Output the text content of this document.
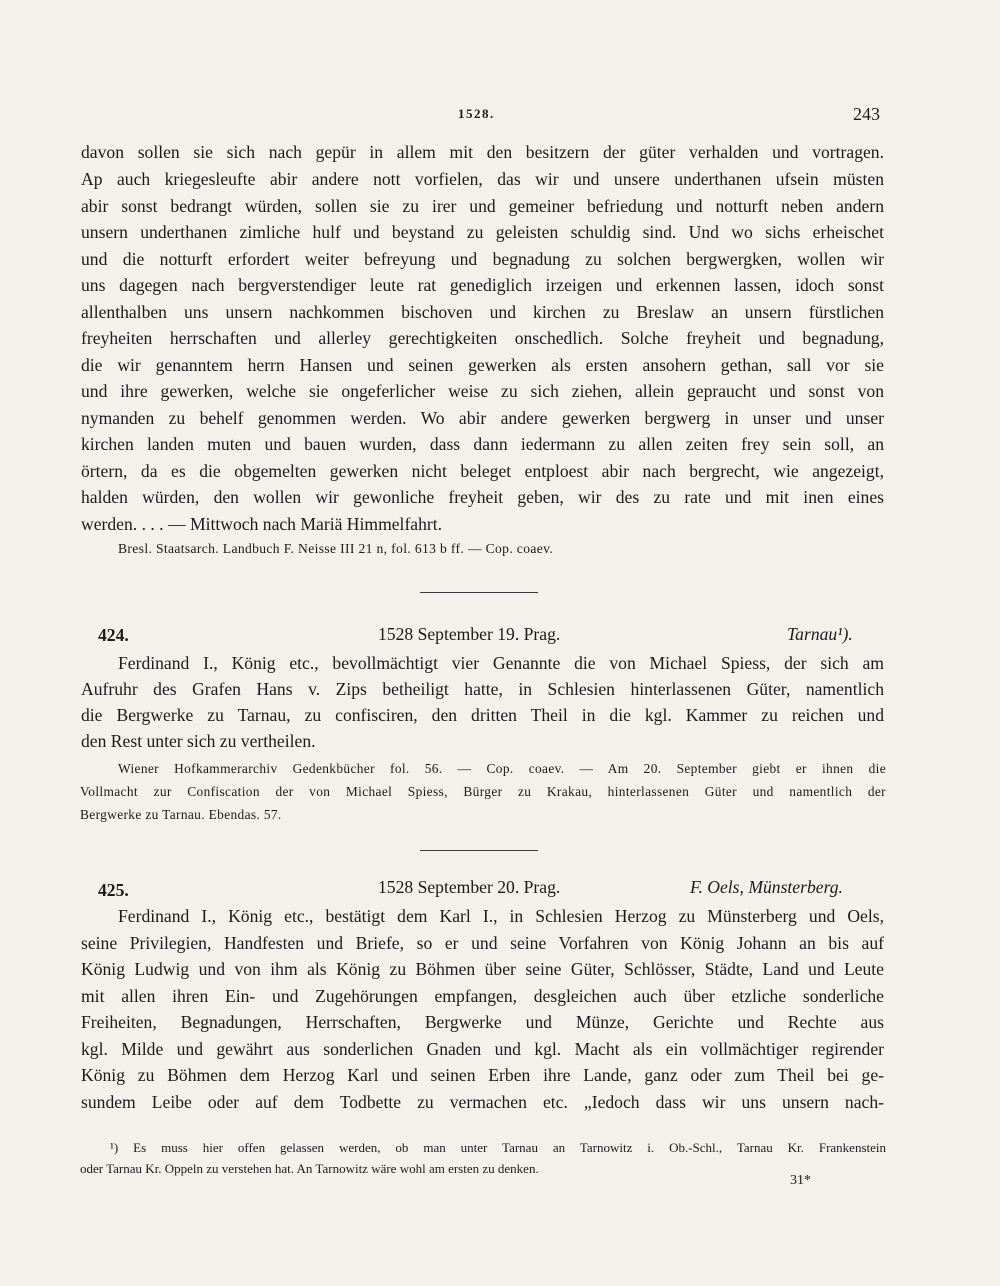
1528.	243
davon sollen sie sich nach gepür in allem mit den besitzern der güter verhalden und vortragen.
Ap auch kriegesleufte abir andere nott vorfielen, das wir und unsere underthanen ufsein müsten
abir sonst bedrangt würden, sollen sie zu irer und gemeiner befriedung und notturft neben andern
unsern underthanen zimliche hulf und beystand zu geleisten schuldig sind. Und wo sichs erheischet
und die notturft erfordert weiter befreyung und begnadung zu solchen bergwergken, wollen wir
uns dagegen nach bergverstendiger leute rat genediglich irzeigen und erkennen lassen, idoch sonst
allenthalben uns unsern nachkommen bischoven und kirchen zu Breslaw an unsern fürstlichen
freyheiten herrschaften und allerley gerechtigkeiten onschedlich. Solche freyheit und begnadung,
die wir genanntem herrn Hansen und seinen gewerken als ersten ansohern gethan, sall vor sie
und ihre gewerken, welche sie ongeferlicher weise zu sich ziehen, allein gepraucht und sonst von
nymanden zu behelf genommen werden. Wo abir andere gewerken bergwerg in unser und unser
kirchen landen muten und bauen wurden, dass dann iedermann zu allen zeiten frey sein soll, an
örtern, da es die obgemelten gewerken nicht beleget entploest abir nach bergrecht, wie angezeigt,
halden würden, den wollen wir gewonliche freyheit geben, wir des zu rate und mit inen eines
werden. . . . — Mittwoch nach Mariä Himmelfahrt.
Bresl. Staatsarch. Landbuch F. Neisse III 21 n, fol. 613 b ff. — Cop. coaev.
424.	1528 September 19. Prag.	Tarnau¹).
Ferdinand I., König etc., bevollmächtigt vier Genannte die von Michael Spiess, der sich am
Aufruhr des Grafen Hans v. Zips betheiligt hatte, in Schlesien hinterlassenen Güter, namentlich
die Bergwerke zu Tarnau, zu confisciren, den dritten Theil in die kgl. Kammer zu reichen und
den Rest unter sich zu vertheilen.
Wiener Hofkammerarchiv Gedenkbücher fol. 56. — Cop. coaev. — Am 20. September giebt er ihnen die
Vollmacht zur Confiscation der von Michael Spiess, Bürger zu Krakau, hinterlassenen Güter und namentlich der
Bergwerke zu Tarnau. Ebendas. 57.
425.	1528 September 20. Prag.	F. Oels, Münsterberg.
Ferdinand I., König etc., bestätigt dem Karl I., in Schlesien Herzog zu Münsterberg und Oels,
seine Privilegien, Handfesten und Briefe, so er und seine Vorfahren von König Johann an bis auf
König Ludwig und von ihm als König zu Böhmen über seine Güter, Schlösser, Städte, Land und Leute
mit allen ihren Ein- und Zugehörungen empfangen, desgleichen auch über etzliche sonderliche
Freiheiten, Begnadungen, Herrschaften, Bergwerke und Münze, Gerichte und Rechte aus
kgl. Milde und gewährt aus sonderlichen Gnaden und kgl. Macht als ein vollmächtiger regirender
König zu Böhmen dem Herzog Karl und seinen Erben ihre Lande, ganz oder zum Theil bei ge-
sundem Leibe oder auf dem Todbette zu vermachen etc. „Iedoch dass wir uns unsern nach-
¹) Es muss hier offen gelassen werden, ob man unter Tarnau an Tarnowitz i. Ob.-Schl., Tarnau Kr. Frankenstein
oder Tarnau Kr. Oppeln zu verstehen hat. An Tarnowitz wäre wohl am ersten zu denken.
31*
